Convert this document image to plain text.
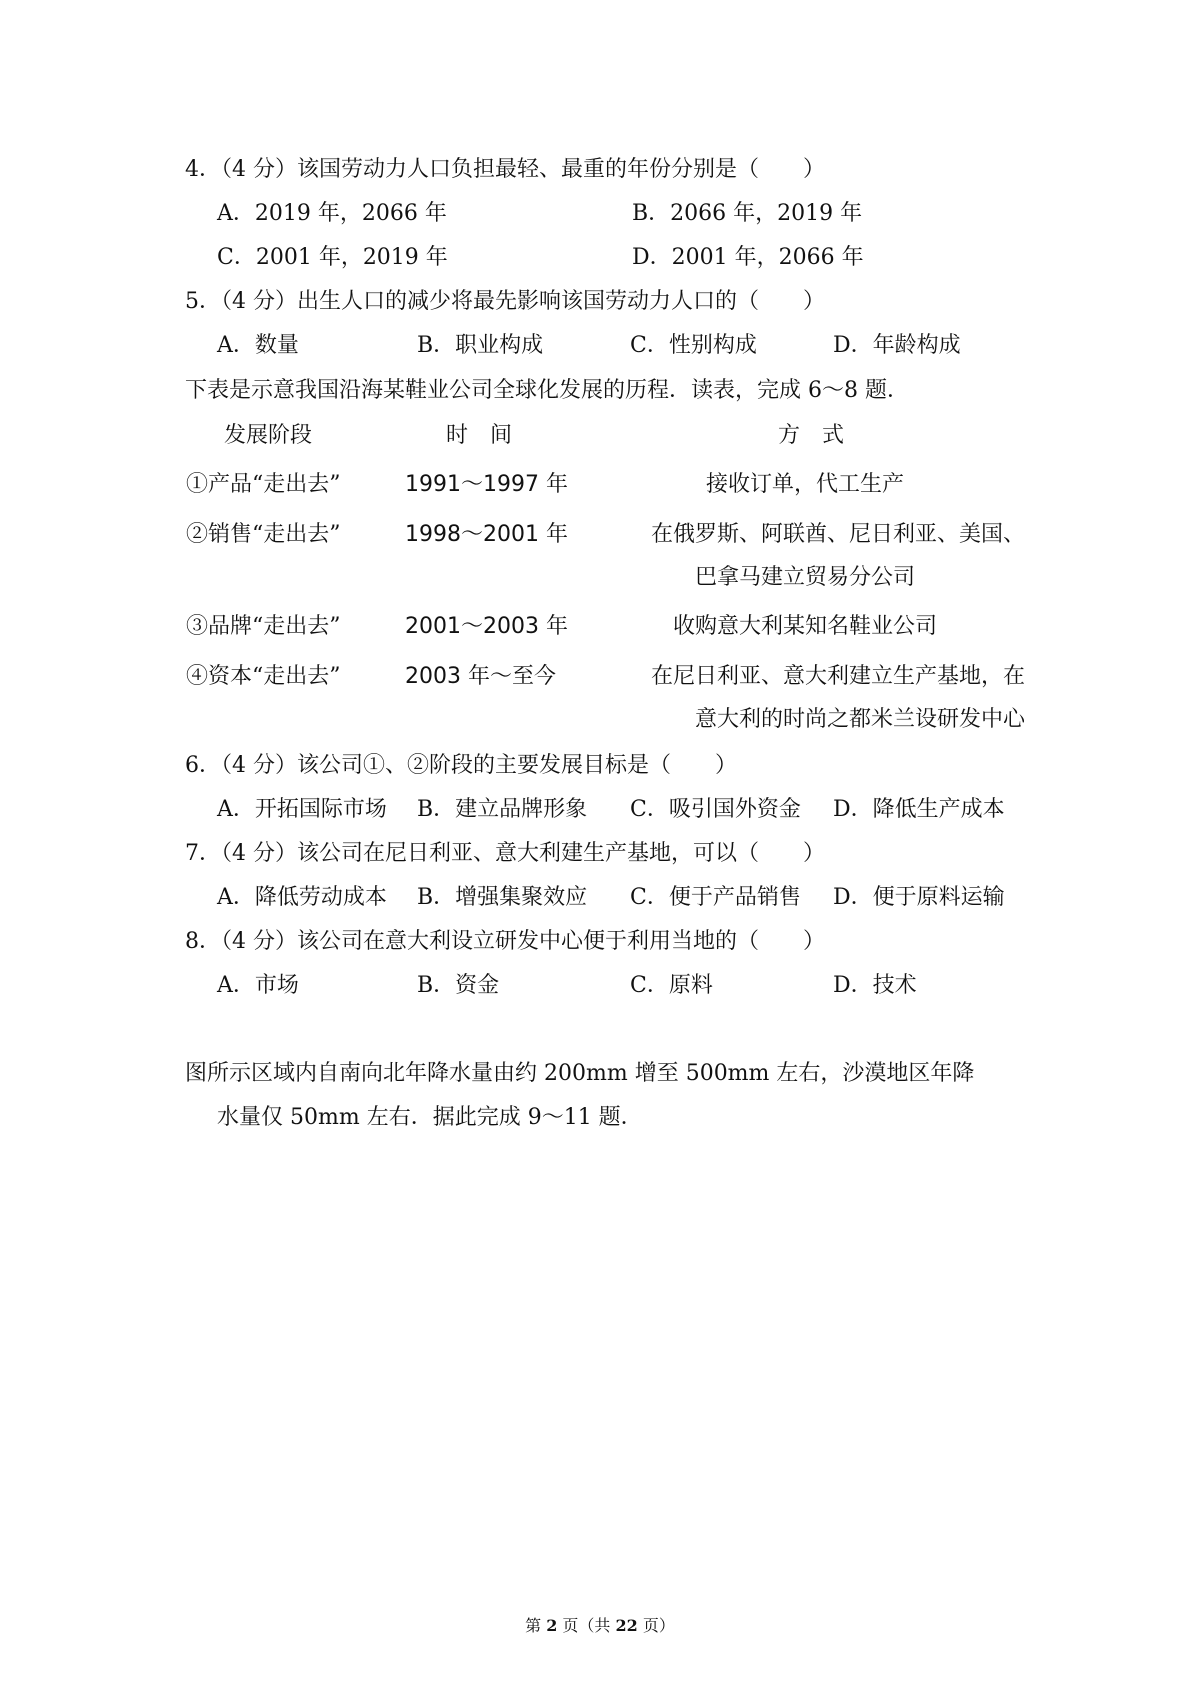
4．（4 分）该国劳动力人口负担最轻、最重的年份分别是（　　）
A．2019 年，2066 年	B．2066 年，2019 年
C．2001 年，2019 年	D．2001 年，2066 年
5．（4 分）出生人口的减少将最先影响该国劳动力人口的（　　）
A．数量	B．职业构成	C．性别构成	D．年龄构成
下表是示意我国沿海某鞋业公司全球化发展的历程．读表，完成 6～8 题．
发展阶段	时　间	方　式
①产品“走出去”	1991～1997 年	接收订单，代工生产
②销售“走出去”	1998～2001 年	在俄罗斯、阿联酋、尼日利亚、美国、
巴拿马建立贸易分公司
③品牌“走出去”	2001～2003 年	收购意大利某知名鞋业公司
④资本“走出去”	2003 年～至今	在尼日利亚、意大利建立生产基地，在
意大利的时尚之都米兰设研发中心
6．（4 分）该公司①、②阶段的主要发展目标是（　　）
A．开拓国际市场 B．建立品牌形象 C．吸引国外资金 D．降低生产成本
7．（4 分）该公司在尼日利亚、意大利建生产基地，可以（　　）
A．降低劳动成本 B．增强集聚效应 C．便于产品销售 D．便于原料运输
8．（4 分）该公司在意大利设立研发中心便于利用当地的（　　）
A．市场	B．资金	C．原料	D．技术
图所示区域内自南向北年降水量由约 200mm 增至 500mm 左右，沙漠地区年降
水量仅 50mm 左右．据此完成 9～11 题．
第 2 页（共 22 页）
